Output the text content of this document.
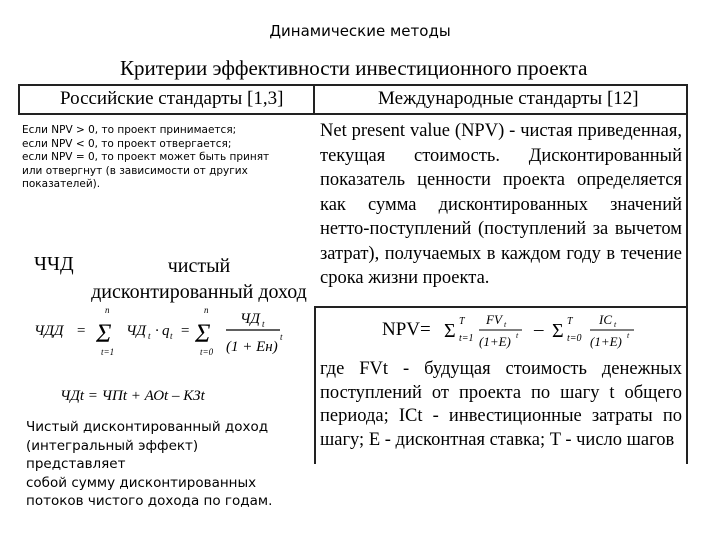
Динамические методы
Критерии эффективности инвестиционного проекта
Российские стандарты [1,3]	Международные стандарты [12]
Если NPV > 0, то проект принимается;
если NPV < 0, то проект отвергается;
если NPV = 0, то проект может быть принят
или отвергнут (в зависимости от других
показателей).
ЧЧД	чистый дисконтированный доход
ЧДД =
n
Σ
t=1
ЧД t · q t =
n
Σ
t=0
ЧД t
(1 + Ен)
t
ЧДt = ЧПt + АОt – КЗt
Чистый дисконтированный доход
(интегральный эффект)
представляет
собой сумму дисконтированных
потоков чистого дохода по годам.
Net present value (NPV) - чистая приведенная, текущая стоимость. Дисконтированный показатель ценности проекта определяется как сумма дисконтированных значений нетто-поступлений (поступлений за вычетом затрат), получаемых в каждом году в течение срока жизни проекта.
NPV= Σ T
t=1
FV t
(1+E) t – Σ T
t=0
IC t
(1+E) t
где FVt - будущая стоимость денежных поступлений от проекта по шагу t общего периода; ICt - инвестиционные затраты по шагу; E - дисконтная ставка; T - число шагов
